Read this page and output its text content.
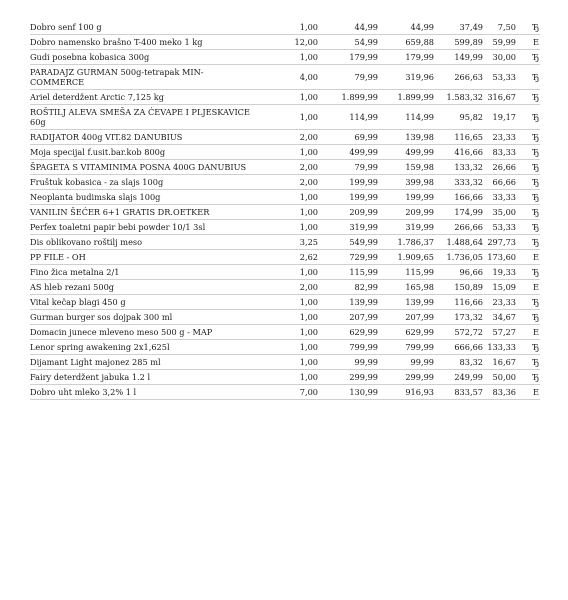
Dobro senf 100 g	1,00	44,99	44,99	37,49	7,50	Ђ
Dobro namensko brašno T-400 meko 1 kg	12,00	54,99	659,88	599,89	59,99	Е
Gudi posebna kobasica 300g	1,00	179,99	179,99	149,99	30,00	Ђ
PARADAJZ GURMAN 500g-tetrapak MIN-COMMERCE	4,00	79,99	319,96	266,63	53,33	Ђ
Ariel deterdžent Arctic 7,125 kg	1,00	1.899,99	1.899,99	1.583,32	316,67	Ђ
ROŠTILJ ALEVA SMEŠA ZA ĆEVAPE I PLJESKAVICE 60g	1,00	114,99	114,99	95,82	19,17	Ђ
RADIJATOR 400g VIT.82 DANUBIUS	2,00	69,99	139,98	116,65	23,33	Ђ
Moja specijal f.usit.bar.kob 800g	1,00	499,99	499,99	416,66	83,33	Ђ
ŠPAGETA S VITAMINIMA POSNA 400G DANUBIUS	2,00	79,99	159,98	133,32	26,66	Ђ
Fruštuk kobasica - za slajs 100g	2,00	199,99	399,98	333,32	66,66	Ђ
Neoplanta budimska slajs 100g	1,00	199,99	199,99	166,66	33,33	Ђ
VANILIN ŠEĆER 6+1 GRATIS DR.OETKER	1,00	209,99	209,99	174,99	35,00	Ђ
Perfex toaletni papir bebi powder 10/1 3sl	1,00	319,99	319,99	266,66	53,33	Ђ
Dis oblikovano roštilj meso	3,25	549,99	1.786,37	1.488,64	297,73	Ђ
PP FILE - OH	2,62	729,99	1.909,65	1.736,05	173,60	Е
Fino žica metalna 2/1	1,00	115,99	115,99	96,66	19,33	Ђ
AS hleb rezani 500g	2,00	82,99	165,98	150,89	15,09	Е
Vital kečap blagi 450 g	1,00	139,99	139,99	116,66	23,33	Ђ
Gurman burger sos dojpak 300 ml	1,00	207,99	207,99	173,32	34,67	Ђ
Domacin junece mleveno meso 500 g - MAP	1,00	629,99	629,99	572,72	57,27	Е
Lenor spring awakening 2x1,625l	1,00	799,99	799,99	666,66	133,33	Ђ
Dijamant Light majonez 285 ml	1,00	99,99	99,99	83,32	16,67	Ђ
Fairy deterdžent jabuka 1.2 l	1,00	299,99	299,99	249,99	50,00	Ђ
Dobro uht mleko 3,2% 1 l	7,00	130,99	916,93	833,57	83,36	Е
